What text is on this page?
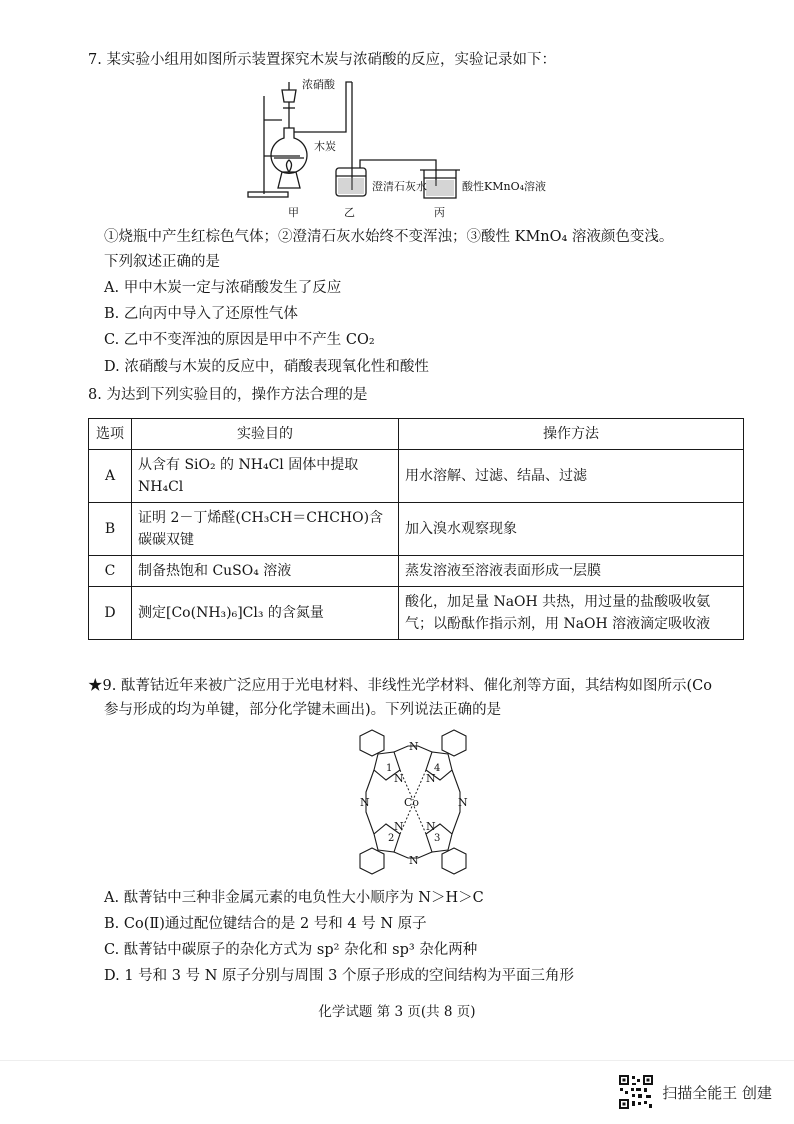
7. 某实验小组用如图所示装置探究木炭与浓硝酸的反应，实验记录如下：
浓硝酸
木炭
澄清石灰水	酸性KMnO₄溶液
甲	乙	丙
①烧瓶中产生红棕色气体；②澄清石灰水始终不变浑浊；③酸性 KMnO₄ 溶液颜色变浅。
下列叙述正确的是
A. 甲中木炭一定与浓硝酸发生了反应
B. 乙向丙中导入了还原性气体
C. 乙中不变浑浊的原因是甲中不产生 CO₂
D. 浓硝酸与木炭的反应中，硝酸表现氧化性和酸性
8. 为达到下列实验目的，操作方法合理的是
选项	实验目的	操作方法
A	从含有 SiO₂ 的 NH₄Cl 固体中提取 NH₄Cl	用水溶解、过滤、结晶、过滤
B	证明 2－丁烯醛(CH₃CH＝CHCHO)含碳碳双键	加入溴水观察现象
C	制备热饱和 CuSO₄ 溶液	蒸发溶液至溶液表面形成一层膜
D	测定[Co(NH₃)₆]Cl₃ 的含氮量	酸化，加足量 NaOH 共热，用过量的盐酸吸收氨气；以酚酞作指示剂，用 NaOH 溶液滴定吸收液
★9. 酞菁钴近年来被广泛应用于光电材料、非线性光学材料、催化剂等方面，其结构如图所示(Co
参与形成的均为单键，部分化学键未画出)。下列说法正确的是
Co
N
N
N	N
N N
N N
1	4
2	3
A. 酞菁钴中三种非金属元素的电负性大小顺序为 N＞H＞C
B. Co(Ⅱ)通过配位键结合的是 2 号和 4 号 N 原子
C. 酞菁钴中碳原子的杂化方式为 sp² 杂化和 sp³ 杂化两种
D. 1 号和 3 号 N 原子分别与周围 3 个原子形成的空间结构为平面三角形
化学试题 第 3 页(共 8 页)
扫描全能王 创建
